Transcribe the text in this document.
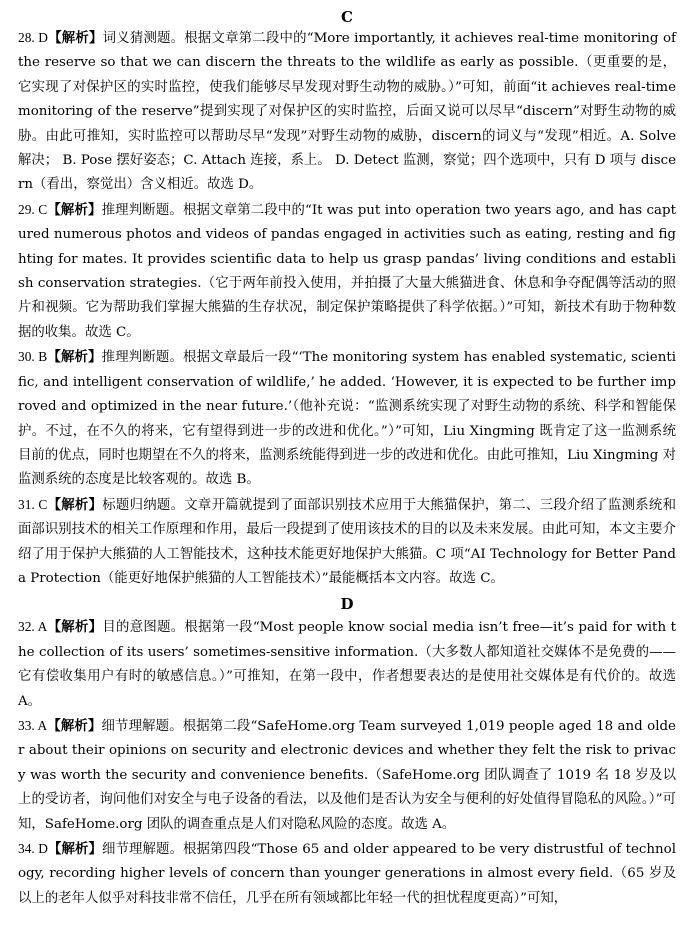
C

28. D【解析】词义猜测题。根据文章第二段中的“More importantly, it achieves real-time monitoring of the reserve so that we can discern the threats to the wildlife as early as possible.（更重要的是，它实现了对保护区的实时监控，使我们能够尽早发现对野生动物的威胁。）”可知，前面“it achieves real-time monitoring of the reserve”提到实现了对保护区的实时监控，后面又说可以尽早“discern”对野生动物的威胁。由此可推知，实时监控可以帮助尽早“发现”对野生动物的威胁，discern的词义与“发现”相近。A. Solve 解决； B. Pose 摆好姿态；C. Attach 连接，系上。 D. Detect 监测，察觉；四个选项中，只有 D 项与 discern（看出，察觉出）含义相近。故选 D。

29. C【解析】推理判断题。根据文章第二段中的“It was put into operation two years ago, and has captured numerous photos and videos of pandas engaged in activities such as eating, resting and fighting for mates. It provides scientific data to help us grasp pandas’ living conditions and establish conservation strategies.（它于两年前投入使用，并拍摄了大量大熊猫进食、休息和争夺配偶等活动的照片和视频。它为帮助我们掌握大熊猫的生存状况，制定保护策略提供了科学依据。）”可知，新技术有助于物种数据的收集。故选 C。

30. B【解析】推理判断题。根据文章最后一段“‘The monitoring system has enabled systematic, scientific, and intelligent conservation of wildlife,’ he added. ‘However, it is expected to be further improved and optimized in the near future.’（他补充说：“监测系统实现了对野生动物的系统、科学和智能保护。不过，在不久的将来，它有望得到进一步的改进和优化。”）”可知，Liu Xingming 既肯定了这一监测系统目前的优点，同时也期望在不久的将来，监测系统能得到进一步的改进和优化。由此可推知，Liu Xingming 对监测系统的态度是比较客观的。故选 B。

31. C【解析】标题归纳题。文章开篇就提到了面部识别技术应用于大熊猫保护，第二、三段介绍了监测系统和面部识别技术的相关工作原理和作用，最后一段提到了使用该技术的目的以及未来发展。由此可知，本文主要介绍了用于保护大熊猫的人工智能技术，这种技术能更好地保护大熊猫。C 项“AI Technology for Better Panda Protection（能更好地保护熊猫的人工智能技术）”最能概括本文内容。故选 C。

D

32. A【解析】目的意图题。根据第一段“Most people know social media isn’t free—it’s paid for with the collection of its users’ sometimes-sensitive information.（大多数人都知道社交媒体不是免费的——它有偿收集用户有时的敏感信息。）”可推知，在第一段中，作者想要表达的是使用社交媒体是有代价的。故选 A。

33. A【解析】细节理解题。根据第二段“SafeHome.org Team surveyed 1,019 people aged 18 and older about their opinions on security and electronic devices and whether they felt the risk to privacy was worth the security and convenience benefits.（SafeHome.org 团队调查了 1019 名 18 岁及以上的受访者，询问他们对安全与电子设备的看法，以及他们是否认为安全与便利的好处值得冒隐私的风险。）”可知，SafeHome.org 团队的调查重点是人们对隐私风险的态度。故选 A。

34. D【解析】细节理解题。根据第四段“Those 65 and older appeared to be very distrustful of technology, recording higher levels of concern than younger generations in almost every field.（65 岁及以上的老年人似乎对科技非常不信任，几乎在所有领域都比年轻一代的担忧程度更高）”可知，
